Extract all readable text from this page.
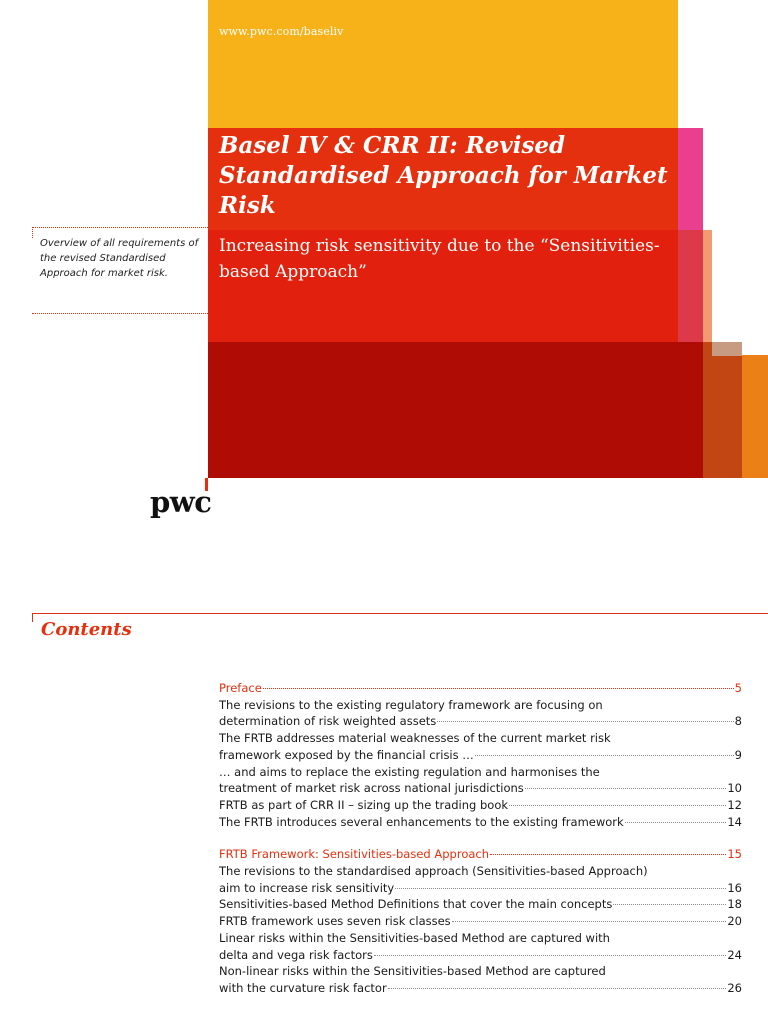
www.pwc.com/baseliv
Basel IV & CRR II: Revised Standardised Approach for Market Risk
Increasing risk sensitivity due to the “Sensitivities-based Approach”

Overview of all requirements of the revised Standardised Approach for market risk.

pwc
Contents
Preface	5
The revisions to the existing regulatory framework are focusing on
determination of risk weighted assets	8
The FRTB addresses material weaknesses of the current market risk
framework exposed by the financial crisis …	9
… and aims to replace the existing regulation and harmonises the
treatment of market risk across national jurisdictions	10
FRTB as part of CRR II – sizing up the trading book	12
The FRTB introduces several enhancements to the existing framework	14
FRTB Framework: Sensitivities-based Approach	15
The revisions to the standardised approach (Sensitivities-based Approach)
aim to increase risk sensitivity	16
Sensitivities-based Method Definitions that cover the main concepts	18
FRTB framework uses seven risk classes	20
Linear risks within the Sensitivities-based Method are captured with
delta and vega risk factors	24
Non-linear risks within the Sensitivities-based Method are captured
with the curvature risk factor	26
